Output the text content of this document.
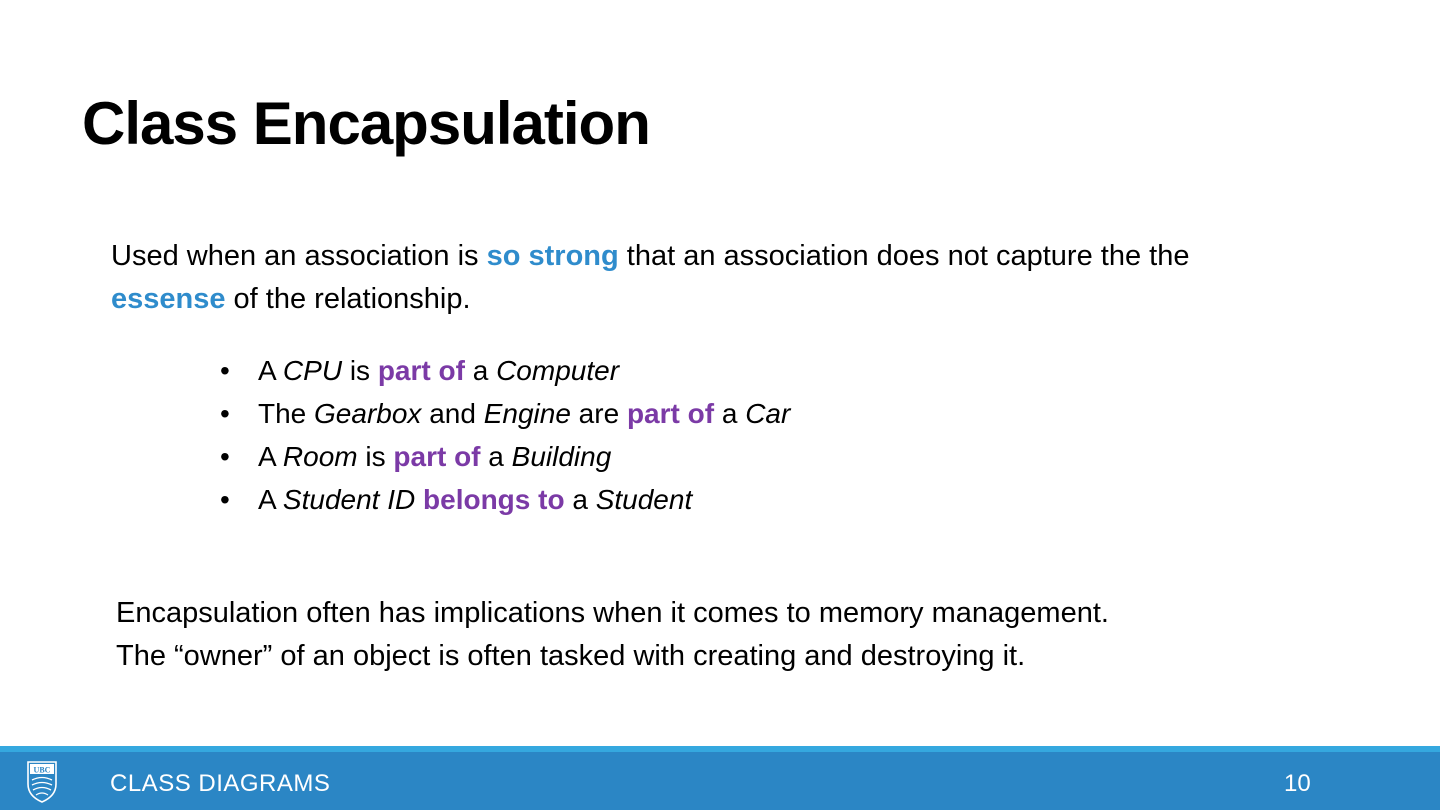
Class Encapsulation

Used when an association is so strong that an association does not capture the the essense of the relationship.

• A CPU is part of a Computer
• The Gearbox and Engine are part of a Car
• A Room is part of a Building
• A Student ID belongs to a Student

Encapsulation often has implications when it comes to memory management.
The “owner” of an object is often tasked with creating and destroying it.

UBC CLASS DIAGRAMS	10
